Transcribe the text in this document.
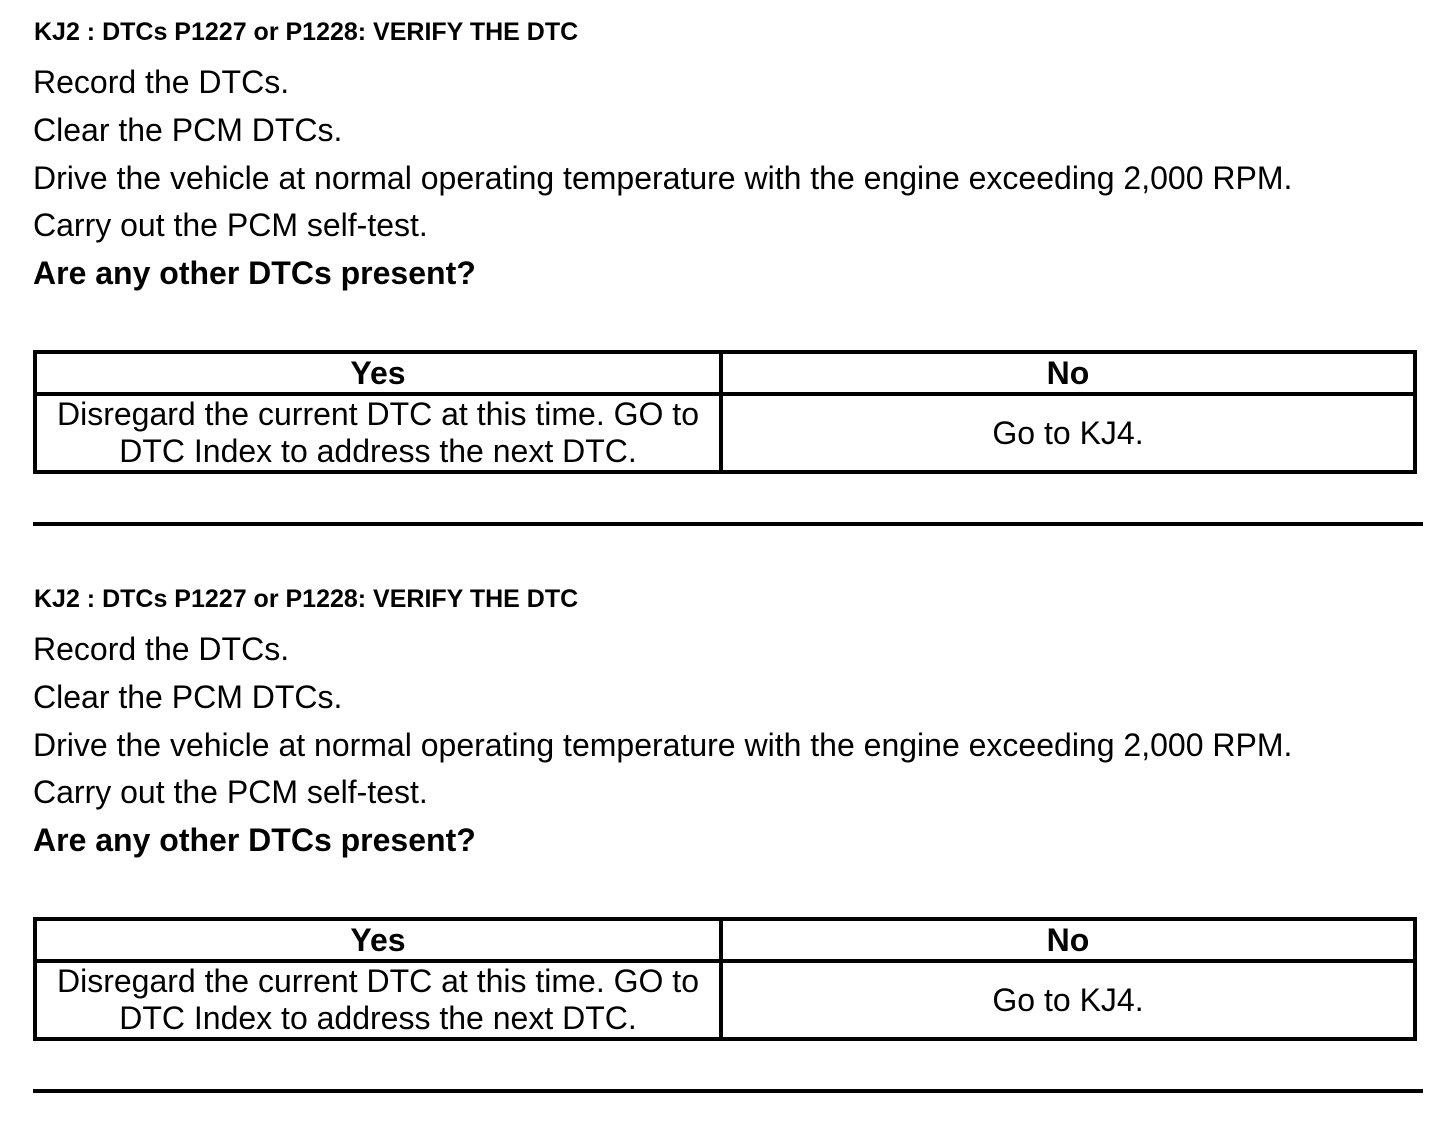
KJ2 : DTCs P1227 or P1228: VERIFY THE DTC
Record the DTCs.
Clear the PCM DTCs.
Drive the vehicle at normal operating temperature with the engine exceeding 2,000 RPM.
Carry out the PCM self-test.
Are any other DTCs present?
Yes	No
Disregard the current DTC at this time. GO to DTC Index to address the next DTC.	Go to KJ4.
KJ2 : DTCs P1227 or P1228: VERIFY THE DTC
Record the DTCs.
Clear the PCM DTCs.
Drive the vehicle at normal operating temperature with the engine exceeding 2,000 RPM.
Carry out the PCM self-test.
Are any other DTCs present?
Yes	No
Disregard the current DTC at this time. GO to DTC Index to address the next DTC.	Go to KJ4.
